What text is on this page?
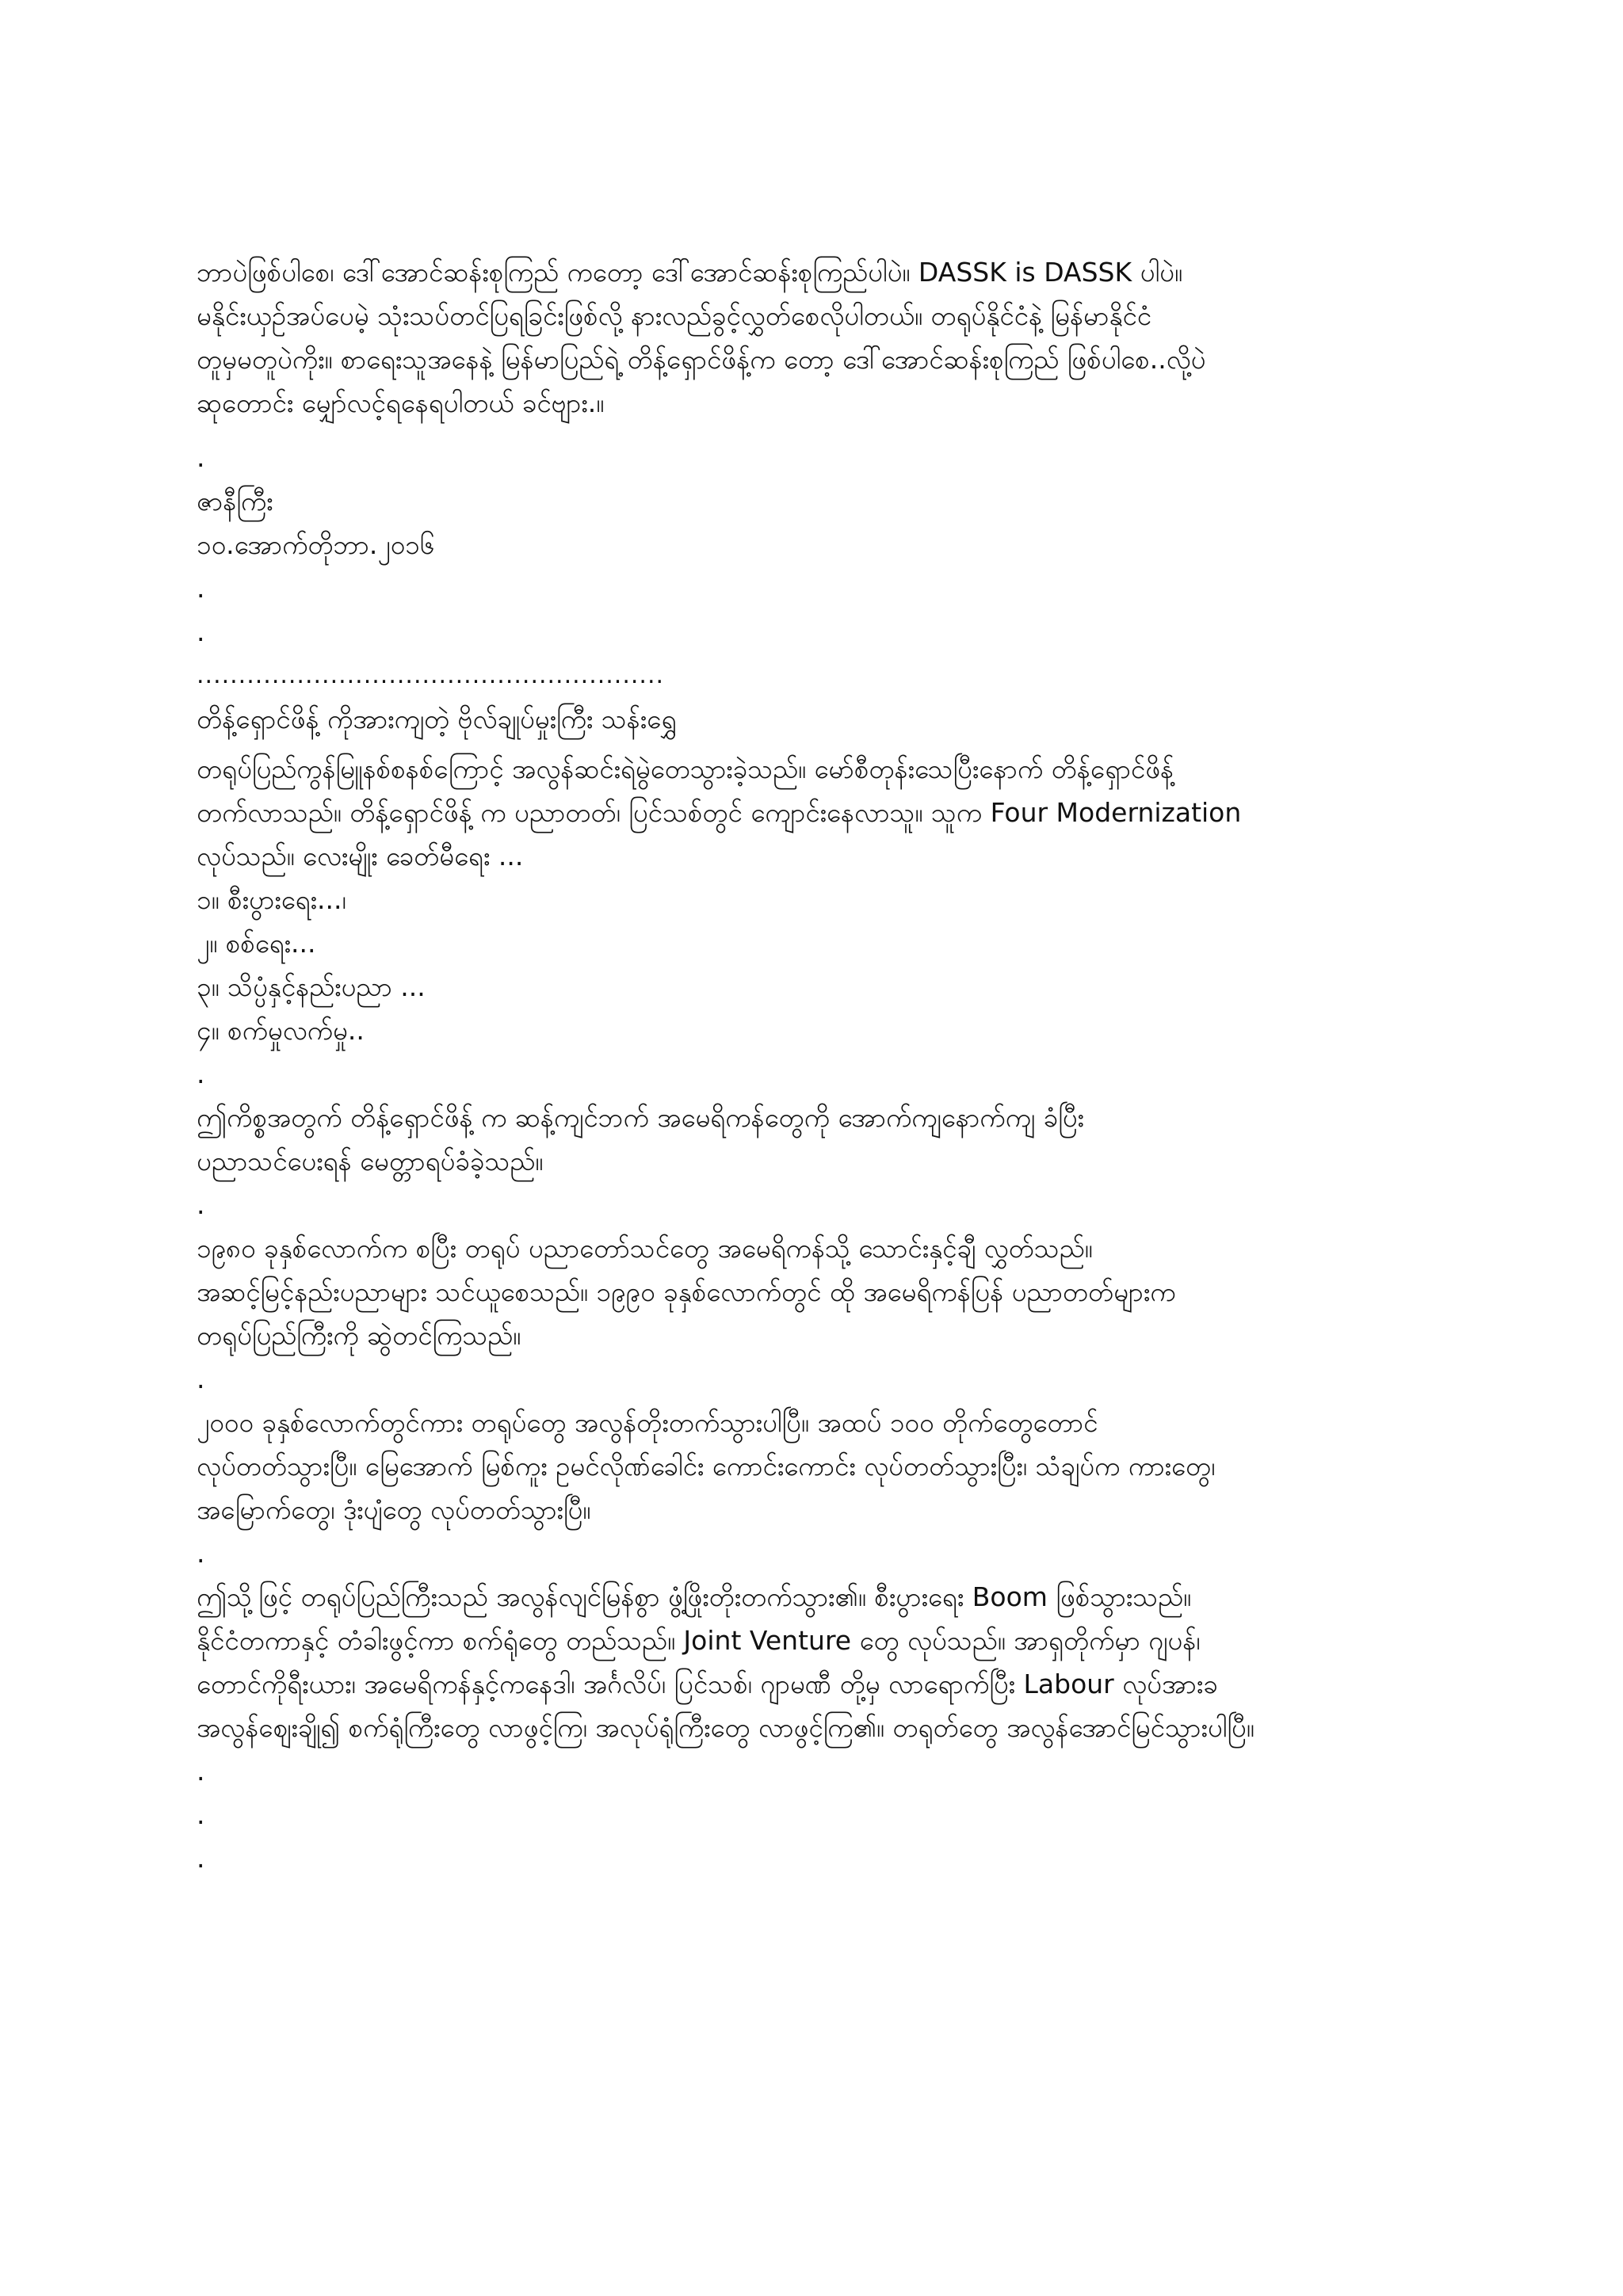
ဘာပဲဖြစ်ပါစေ၊ ဒေါ်အောင်ဆန်းစုကြည် ကတော့ ဒေါ်အောင်ဆန်းစုကြည်ပါပဲ။ DASSK is DASSK ပါပဲ။
မနိုင်းယှဉ်အပ်ပေမဲ့ သုံးသပ်တင်ပြရခြင်းဖြစ်လို့ နားလည်ခွင့်လွှတ်စေလိုပါတယ်။ တရုပ်နိုင်ငံနဲ့ မြန်မာနိုင်ငံ
တူမှမတူပဲကိုး။ စာရေးသူအနေနဲ့ မြန်မာပြည်ရဲ့ တိန့်ရှောင်ဖိန့်က တော့ ဒေါ်အောင်ဆန်းစုကြည် ဖြစ်ပါစေ..လို့ပဲ
ဆုတောင်း မျှော်လင့်ရနေရပါတယ် ခင်ဗျား.။
.
ဇာနီကြီး
၁၀.အောက်တိုဘာ.၂၀၁၆
.
.
........................................................
တိန့်ရှောင်ဖိန့် ကိုအားကျတဲ့ ဗိုလ်ချုပ်မှုးကြီး သန်းရွှေ
တရုပ်ပြည်ကွန်မြူနစ်စနစ်ကြောင့် အလွန်ဆင်းရဲမွဲတေသွားခဲ့သည်။ မော်စီတုန်းသေပြီးနောက် တိန့်ရှောင်ဖိန့်
တက်လာသည်။ တိန့်ရှောင်ဖိန့် က ပညာတတ်၊ ပြင်သစ်တွင် ကျောင်းနေလာသူ။ သူက Four Modernization
လုပ်သည်။ လေးမျိုး ခေတ်မီရေး ...
၁။ စီးပွားရေး...၊
၂။ စစ်ရေး...
၃။ သိပ္ပံနှင့်နည်းပညာ ...
၄။ စက်မှုလက်မှု..
.
ဤကိစ္စအတွက် တိန့်ရှောင်ဖိန့် က ဆန့်ကျင်ဘက် အမေရိကန်တွေကို အောက်ကျနောက်ကျ ခံပြီး
ပညာသင်ပေးရန် မေတ္တာရပ်ခံခဲ့သည်။
.
၁၉၈၀ ခုနှစ်လောက်က စပြီး တရုပ် ပညာတော်သင်တွေ အမေရိကန်သို့ သောင်းနှင့်ချီ လွှတ်သည်။
အဆင့်မြင့်နည်းပညာများ သင်ယူစေသည်။ ၁၉၉၀ ခုနှစ်လောက်တွင် ထို အမေရိကန်ပြန် ပညာတတ်များက
တရုပ်ပြည်ကြီးကို ဆွဲတင်ကြသည်။
.
၂၀၀၀ ခုနှစ်လောက်တွင်ကား တရုပ်တွေ အလွန်တိုးတက်သွားပါပြီ။ အထပ် ၁၀၀ တိုက်တွေတောင်
လုပ်တတ်သွားပြီ။ မြေအောက် မြစ်ကူး ဥမင်လိုဏ်ခေါင်း ကောင်းကောင်း လုပ်တတ်သွားပြီး၊ သံချပ်က ကားတွေ၊
အမြောက်တွေ၊ ဒုံးပျံတွေ လုပ်တတ်သွားပြီ။
.
ဤသို့ဖြင့် တရုပ်ပြည်ကြီးသည် အလွန်လျင်မြန်စွာ ဖွံ့ဖြိုးတိုးတက်သွား၏။ စီးပွားရေး Boom ဖြစ်သွားသည်။
နိုင်ငံတကာနှင့် တံခါးဖွင့်ကာ စက်ရုံတွေ တည်သည်။ Joint Venture တွေ လုပ်သည်။ အာရှတိုက်မှာ ဂျပန်၊
တောင်ကိုရီးယား၊ အမေရိကန်နှင့်ကနေဒါ၊ အင်္ဂလိပ်၊ ပြင်သစ်၊ ဂျာမဏီ တို့မှ လာရောက်ပြီး Labour လုပ်အားခ
အလွန်ဈေးချို၍ စက်ရုံကြီးတွေ လာဖွင့်ကြ၊ အလုပ်ရုံကြီးတွေ လာဖွင့်ကြ၏။ တရုတ်တွေ အလွန်အောင်မြင်သွားပါပြီ။
.
.
.
